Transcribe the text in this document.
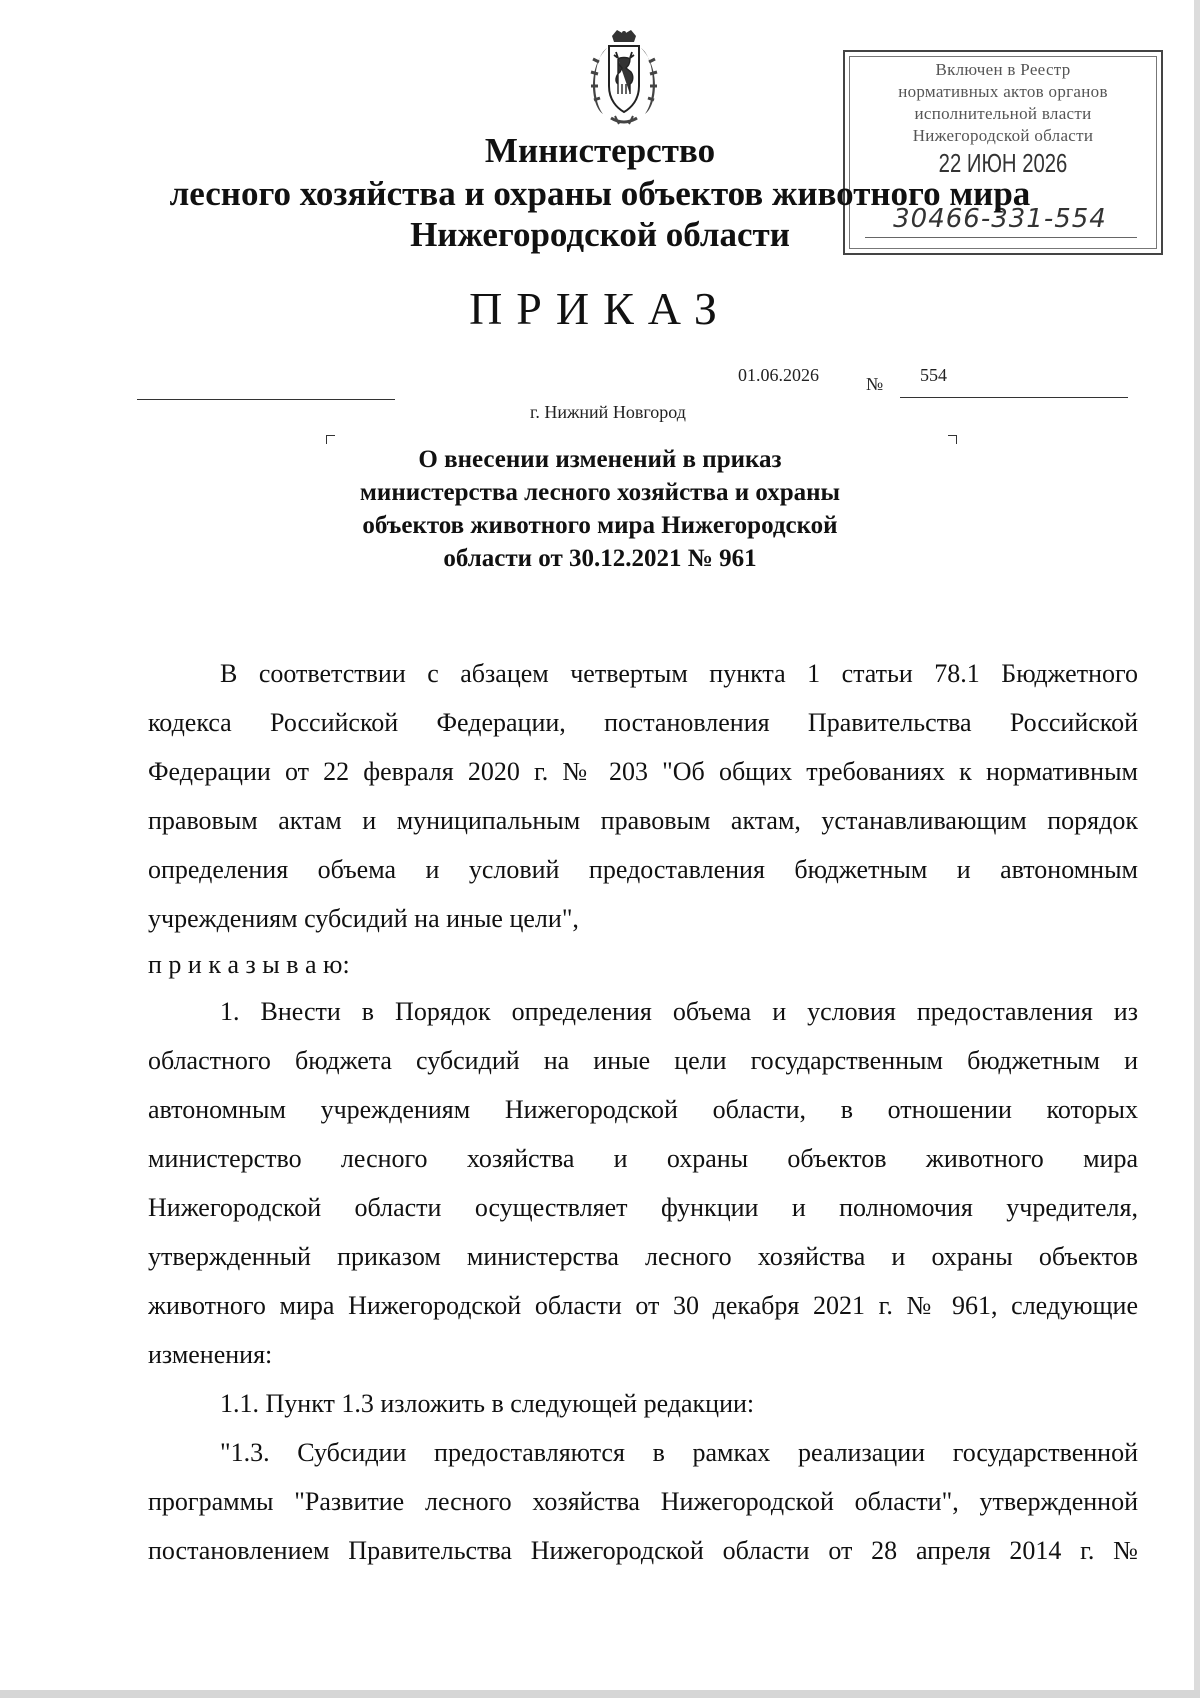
Включен в Реестр
нормативных актов органов
исполнительной власти
Нижегородской области
22 ИЮН 2026
30466-331-554
Министерство
лесного хозяйства и охраны объектов животного мира
Нижегородской области
ПРИКАЗ
01.06.2026	№ 554
г. Нижний Новгород
О внесении изменений в приказ
министерства лесного хозяйства и охраны
объектов животного мира Нижегородской
области от 30.12.2021 № 961
В соответствии с абзацем четвертым пункта 1 статьи 78.1 Бюджетного
кодекса Российской Федерации, постановления Правительства Российской
Федерации от 22 февраля 2020 г. № 203 "Об общих требованиях к нормативным
правовым актам и муниципальным правовым актам, устанавливающим порядок
определения объема и условий предоставления бюджетным и автономным
учреждениям субсидий на иные цели",
п р и к а з ы в а ю:
1. Внести в Порядок определения объема и условия предоставления из
областного бюджета субсидий на иные цели государственным бюджетным и
автономным учреждениям Нижегородской области, в отношении которых
министерство лесного хозяйства и охраны объектов животного мира
Нижегородской области осуществляет функции и полномочия учредителя,
утвержденный приказом министерства лесного хозяйства и охраны объектов
животного мира Нижегородской области от 30 декабря 2021 г. № 961, следующие
изменения:
1.1. Пункт 1.3 изложить в следующей редакции:
"1.3. Субсидии предоставляются в рамках реализации государственной
программы "Развитие лесного хозяйства Нижегородской области", утвержденной
постановлением Правительства Нижегородской области от 28 апреля 2014 г. №
